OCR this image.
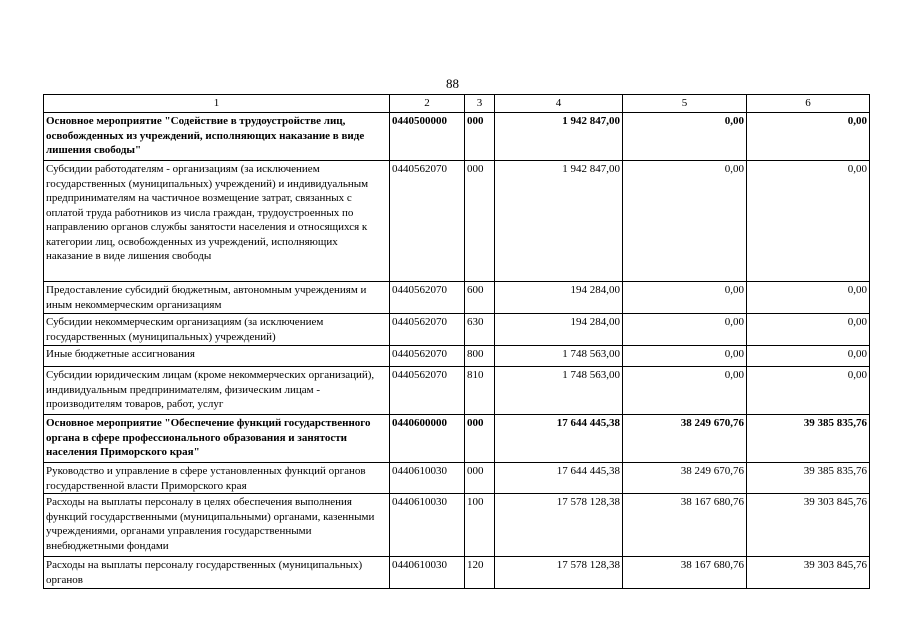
88
1	2	3	4	5	6
Основное мероприятие "Содействие в трудоустройстве лиц, освобожденных из учреждений, исполняющих наказание в виде лишения свободы"	0440500000	000	1 942 847,00	0,00	0,00
Субсидии работодателям - организациям (за исключением государственных (муниципальных) учреждений) и индивидуальным предпринимателям на частичное возмещение затрат, связанных с оплатой труда работников из числа граждан, трудоустроенных по направлению органов службы занятости населения и относящихся к категории лиц, освобожденных из учреждений, исполняющих наказание в виде лишения свободы	0440562070	000	1 942 847,00	0,00	0,00
Предоставление субсидий бюджетным, автономным учреждениям и иным некоммерческим организациям	0440562070	600	194 284,00	0,00	0,00
Субсидии некоммерческим организациям (за исключением государственных (муниципальных) учреждений)	0440562070	630	194 284,00	0,00	0,00
Иные бюджетные ассигнования	0440562070	800	1 748 563,00	0,00	0,00
Субсидии юридическим лицам (кроме некоммерческих организаций), индивидуальным предпринимателям, физическим лицам - производителям товаров, работ, услуг	0440562070	810	1 748 563,00	0,00	0,00
Основное мероприятие "Обеспечение функций государственного органа в сфере профессионального образования и занятости населения Приморского края"	0440600000	000	17 644 445,38	38 249 670,76	39 385 835,76
Руководство и управление в сфере установленных функций органов государственной власти Приморского края	0440610030	000	17 644 445,38	38 249 670,76	39 385 835,76
Расходы на выплаты персоналу в целях обеспечения выполнения функций государственными (муниципальными) органами, казенными учреждениями, органами управления государственными внебюджетными фондами	0440610030	100	17 578 128,38	38 167 680,76	39 303 845,76
Расходы на выплаты персоналу государственных (муниципальных) органов	0440610030	120	17 578 128,38	38 167 680,76	39 303 845,76
